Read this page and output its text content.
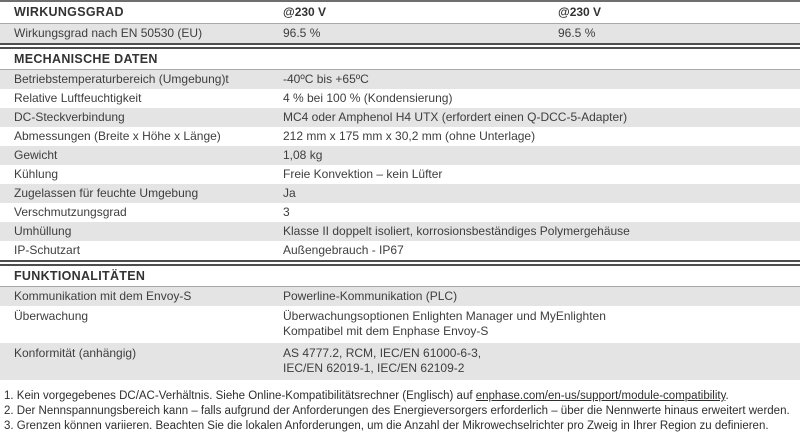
WIRKUNGSGRAD	@230 V	@230 V
Wirkungsgrad nach EN 50530 (EU)	96.5 %	96.5 %
MECHANISCHE DATEN
Betriebstemperaturbereich (Umgebung)t	-40ºC bis +65ºC
Relative Luftfeuchtigkeit	4 % bei 100 % (Kondensierung)
DC-Steckverbindung	MC4 oder Amphenol H4 UTX (erfordert einen Q-DCC-5-Adapter)
Abmessungen (Breite x Höhe x Länge)	212 mm x 175 mm x 30,2 mm (ohne Unterlage)
Gewicht	1,08 kg
Kühlung	Freie Konvektion – kein Lüfter
Zugelassen für feuchte Umgebung	Ja
Verschmutzungsgrad	3
Umhüllung	Klasse II doppelt isoliert, korrosionsbeständiges Polymergehäuse
IP-Schutzart	Außengebrauch - IP67
FUNKTIONALITÄTEN
Kommunikation mit dem Envoy-S	Powerline-Kommunikation (PLC)
Überwachung	Überwachungsoptionen Enlighten Manager und MyEnlighten
Kompatibel mit dem Enphase Envoy-S
Konformität (anhängig)	AS 4777.2, RCM, IEC/EN 61000-6-3,
IEC/EN 62019-1, IEC/EN 62109-2
1. Kein vorgegebenes DC/AC-Verhältnis. Siehe Online-Kompatibilitätsrechner (Englisch) auf enphase.com/en-us/support/module-compatibility.
2. Der Nennspannungsbereich kann – falls aufgrund der Anforderungen des Energieversorgers erforderlich – über die Nennwerte hinaus erweitert werden.
3. Grenzen können variieren. Beachten Sie die lokalen Anforderungen, um die Anzahl der Mikrowechselrichter pro Zweig in Ihrer Region zu definieren.
